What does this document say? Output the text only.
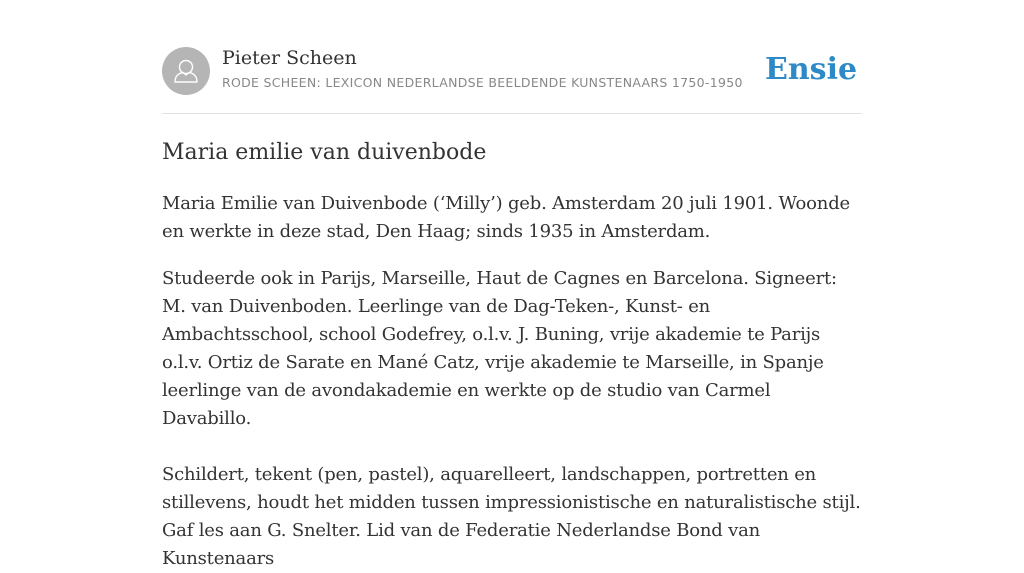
Pieter Scheen
RODE SCHEEN: LEXICON NEDERLANDSE BEELDENDE KUNSTENAARS 1750-1950 Ensie
Maria emilie van duivenbode

Maria Emilie van Duivenbode (‘Milly’) geb. Amsterdam 20 juli 1901. Woonde en werkte in deze stad, Den Haag; sinds 1935 in Amsterdam.

Studeerde ook in Parijs, Marseille, Haut de Cagnes en Barcelona. Signeert: M. van Duivenboden. Leerlinge van de Dag-Teken-, Kunst- en Ambachtsschool, school Godefrey, o.l.v. J. Buning, vrije akademie te Parijs o.l.v. Ortiz de Sarate en Mané Catz, vrije akademie te Marseille, in Spanje leerlinge van de avondakademie en werkte op de studio van Carmel Davabillo.

Schildert, tekent (pen, pastel), aquarelleert, landschappen, portretten en stillevens, houdt het midden tussen impressionistische en naturalistische stijl. Gaf les aan G. Snelter. Lid van de Federatie Nederlandse Bond van Kunstenaars
